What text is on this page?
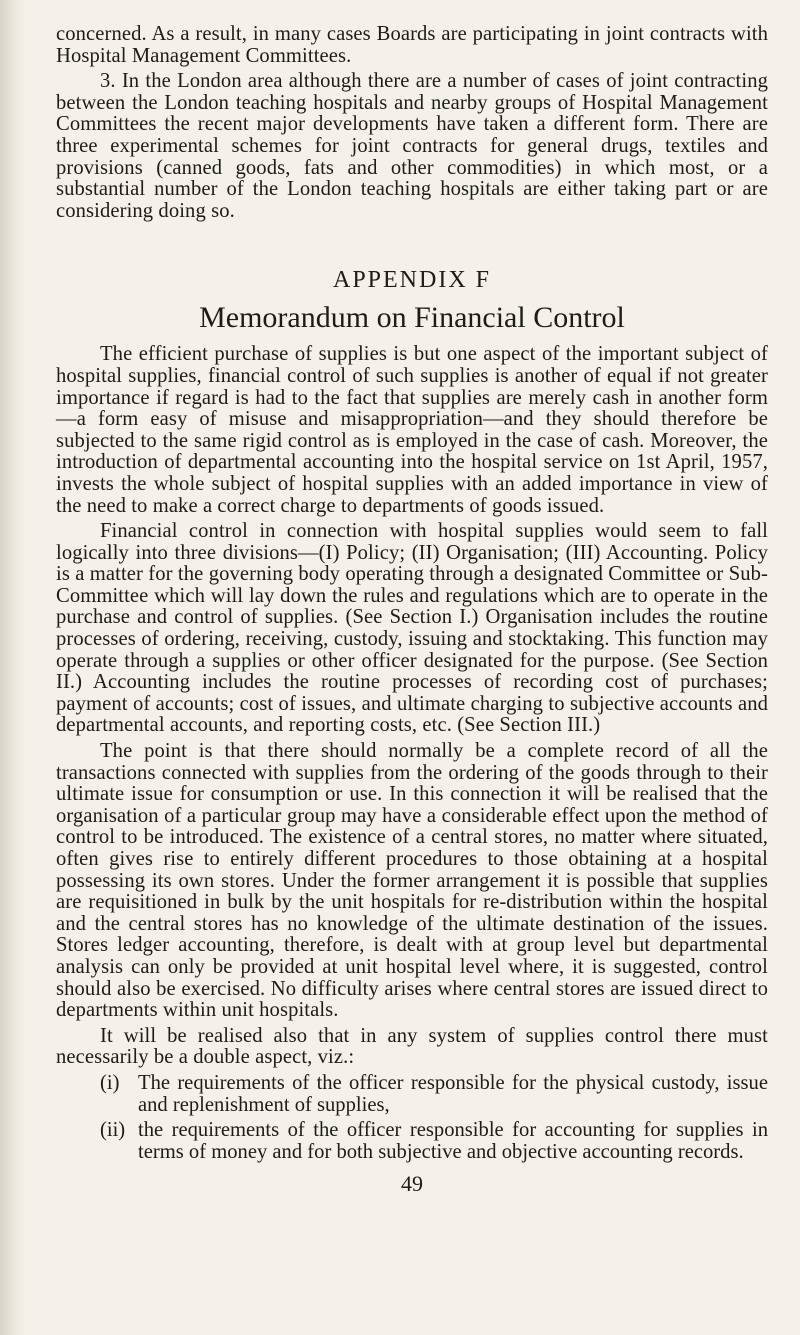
concerned. As a result, in many cases Boards are participating in joint contracts with Hospital Management Committees.

3. In the London area although there are a number of cases of joint contracting between the London teaching hospitals and nearby groups of Hospital Management Committees the recent major developments have taken a different form. There are three experimental schemes for joint contracts for general drugs, textiles and provisions (canned goods, fats and other commodities) in which most, or a substantial number of the London teaching hospitals are either taking part or are considering doing so.

APPENDIX F
Memorandum on Financial Control

The efficient purchase of supplies is but one aspect of the important subject of hospital supplies, financial control of such supplies is another of equal if not greater importance if regard is had to the fact that supplies are merely cash in another form—a form easy of misuse and misappropriation—and they should therefore be subjected to the same rigid control as is employed in the case of cash. Moreover, the introduction of departmental accounting into the hospital service on 1st April, 1957, invests the whole subject of hospital supplies with an added importance in view of the need to make a correct charge to departments of goods issued.

Financial control in connection with hospital supplies would seem to fall logically into three divisions—(I) Policy; (II) Organisation; (III) Accounting. Policy is a matter for the governing body operating through a designated Committee or Sub-Committee which will lay down the rules and regulations which are to operate in the purchase and control of supplies. (See Section I.) Organisation includes the routine processes of ordering, receiving, custody, issuing and stocktaking. This function may operate through a supplies or other officer designated for the purpose. (See Section II.) Accounting includes the routine processes of recording cost of purchases; payment of accounts; cost of issues, and ultimate charging to subjective accounts and departmental accounts, and reporting costs, etc. (See Section III.)

The point is that there should normally be a complete record of all the transactions connected with supplies from the ordering of the goods through to their ultimate issue for consumption or use. In this connection it will be realised that the organisation of a particular group may have a considerable effect upon the method of control to be introduced. The existence of a central stores, no matter where situated, often gives rise to entirely different procedures to those obtaining at a hospital possessing its own stores. Under the former arrangement it is possible that supplies are requisitioned in bulk by the unit hospitals for re-distribution within the hospital and the central stores has no knowledge of the ultimate destination of the issues. Stores ledger accounting, therefore, is dealt with at group level but departmental analysis can only be provided at unit hospital level where, it is suggested, control should also be exercised. No difficulty arises where central stores are issued direct to departments within unit hospitals.

It will be realised also that in any system of supplies control there must necessarily be a double aspect, viz.:

(i) The requirements of the officer responsible for the physical custody, issue and replenishment of supplies,
(ii) the requirements of the officer responsible for accounting for supplies in terms of money and for both subjective and objective accounting records.
49
